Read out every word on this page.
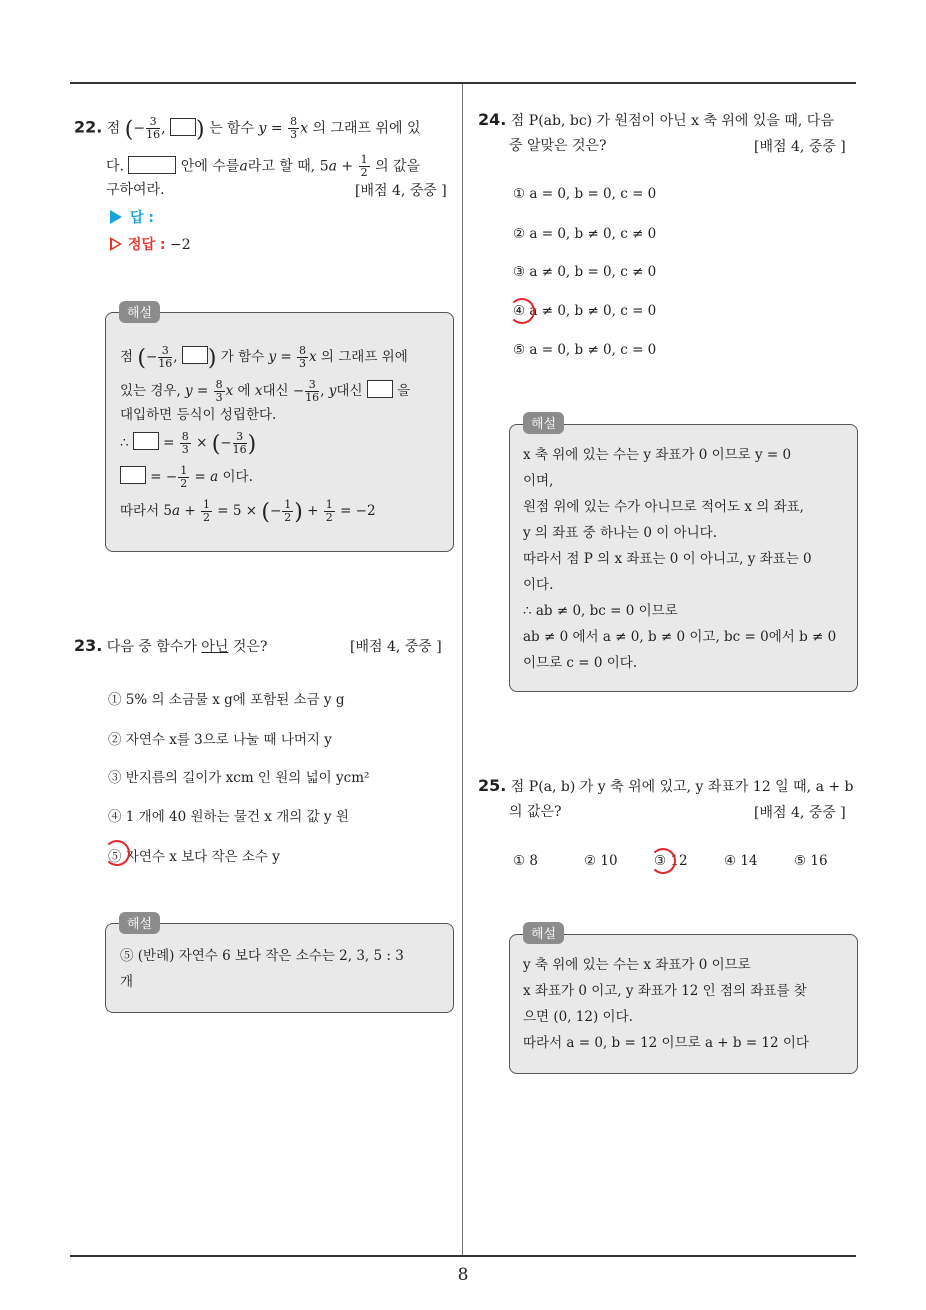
22. 점 (− $\frac{3}{16}$ , ) 는 함수 $y = \frac{8}{3}$ x 의 그래프 위에 있
다.	안에 수를a라고 할 때, $5a + \frac{1}{2}$ 의 값을
구하여라.	[배점 4, 중중 ]
답 :
정답 : −2
점 (− $\frac{3}{16}$ , ) 가 함수 $y = \frac{8}{3}$ x 의 그래프 위에
있는 경우, $y = \frac{8}{3}$ x 에 x대신 − $\frac{3}{16}$ , y대신	을
대입하면 등식이 성립한다.
∴  = $\frac{8}{3}$ × (− $\frac{3}{16}$ )
= − $\frac{1}{2} = a$ 이다.
따라서 $5a + \frac{1}{2} = 5$ × (− $\frac{1}{2}$ ) + $\frac{1}{2} = -2$
해설
23. 다음 중 함수가 아닌 것은?	[배점 4, 중중 ]
① 5% 의 소금물 x g에 포함된 소금 y g
② 자연수 x를 3으로 나눌 때 나머지 y
③ 반지름의 길이가 xcm 인 원의 넓이 ycm²
④ 1 개에 40 원하는 물건 x 개의 값 y 원
⑤ 자연수 x 보다 작은 소수 y
⑤ (반례) 자연수 6 보다 작은 소수는 2, 3, 5 : 3
개
해설
24. 점 P(ab, bc) 가 원점이 아닌 x 축 위에 있을 때, 다음
중 알맞은 것은?	[배점 4, 중중 ]
① a = 0, b = 0, c = 0
② a = 0, b ≠ 0, c ≠ 0
③ a ≠ 0, b = 0, c ≠ 0
④ a ≠ 0, b ≠ 0, c = 0
⑤ a = 0, b ≠ 0, c = 0
x 축 위에 있는 수는 y 좌표가 0 이므로 y = 0
이며,
원점 위에 있는 수가 아니므로 적어도 x 의 좌표,
y 의 좌표 중 하나는 0 이 아니다.
따라서 점 P 의 x 좌표는 0 이 아니고, y 좌표는 0
이다.
∴ ab ≠ 0, bc = 0 이므로
ab ≠ 0 에서 a ≠ 0, b ≠ 0 이고, bc = 0에서 b ≠ 0
이므로 c = 0 이다.
해설
25. 점 P(a, b) 가 y 축 위에 있고, y 좌표가 12 일 때, a + b
의 값은?	[배점 4, 중중 ]
① 8	② 10	③ 12	④ 14	⑤ 16
y 축 위에 있는 수는 x 좌표가 0 이므로
x 좌표가 0 이고, y 좌표가 12 인 점의 좌표를 찾
으면 (0, 12) 이다.
따라서 a = 0, b = 12 이므로 a + b = 12 이다
해설
8
